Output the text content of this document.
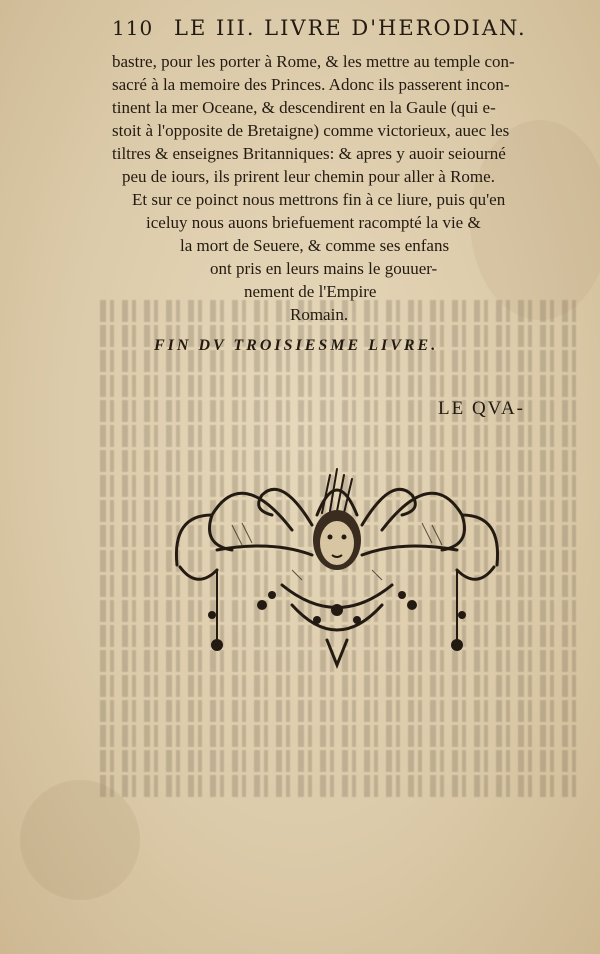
110 LE III. LIVRE D'HERODIAN.
bastre, pour les porter à Rome, & les mettre au temple con-
sacré à la memoire des Princes. Adonc ils passerent incon-
tinent la mer Oceane, & descendirent en la Gaule (qui e-
stoit à l'opposite de Bretaigne) comme victorieux, auec les
tiltres & enseignes Britanniques: & apres y auoir seiourné
peu de iours, ils prirent leur chemin pour aller à Rome.
Et sur ce poinct nous mettrons fin à ce liure, puis qu'en
iceluy nous auons briefuement racompté la vie &
la mort de Seuere, & comme ses enfans
ont pris en leurs mains le gouuer-
nement de l'Empire
Romain.
FIN DV TROISIESME LIVRE.
LE QVA-
